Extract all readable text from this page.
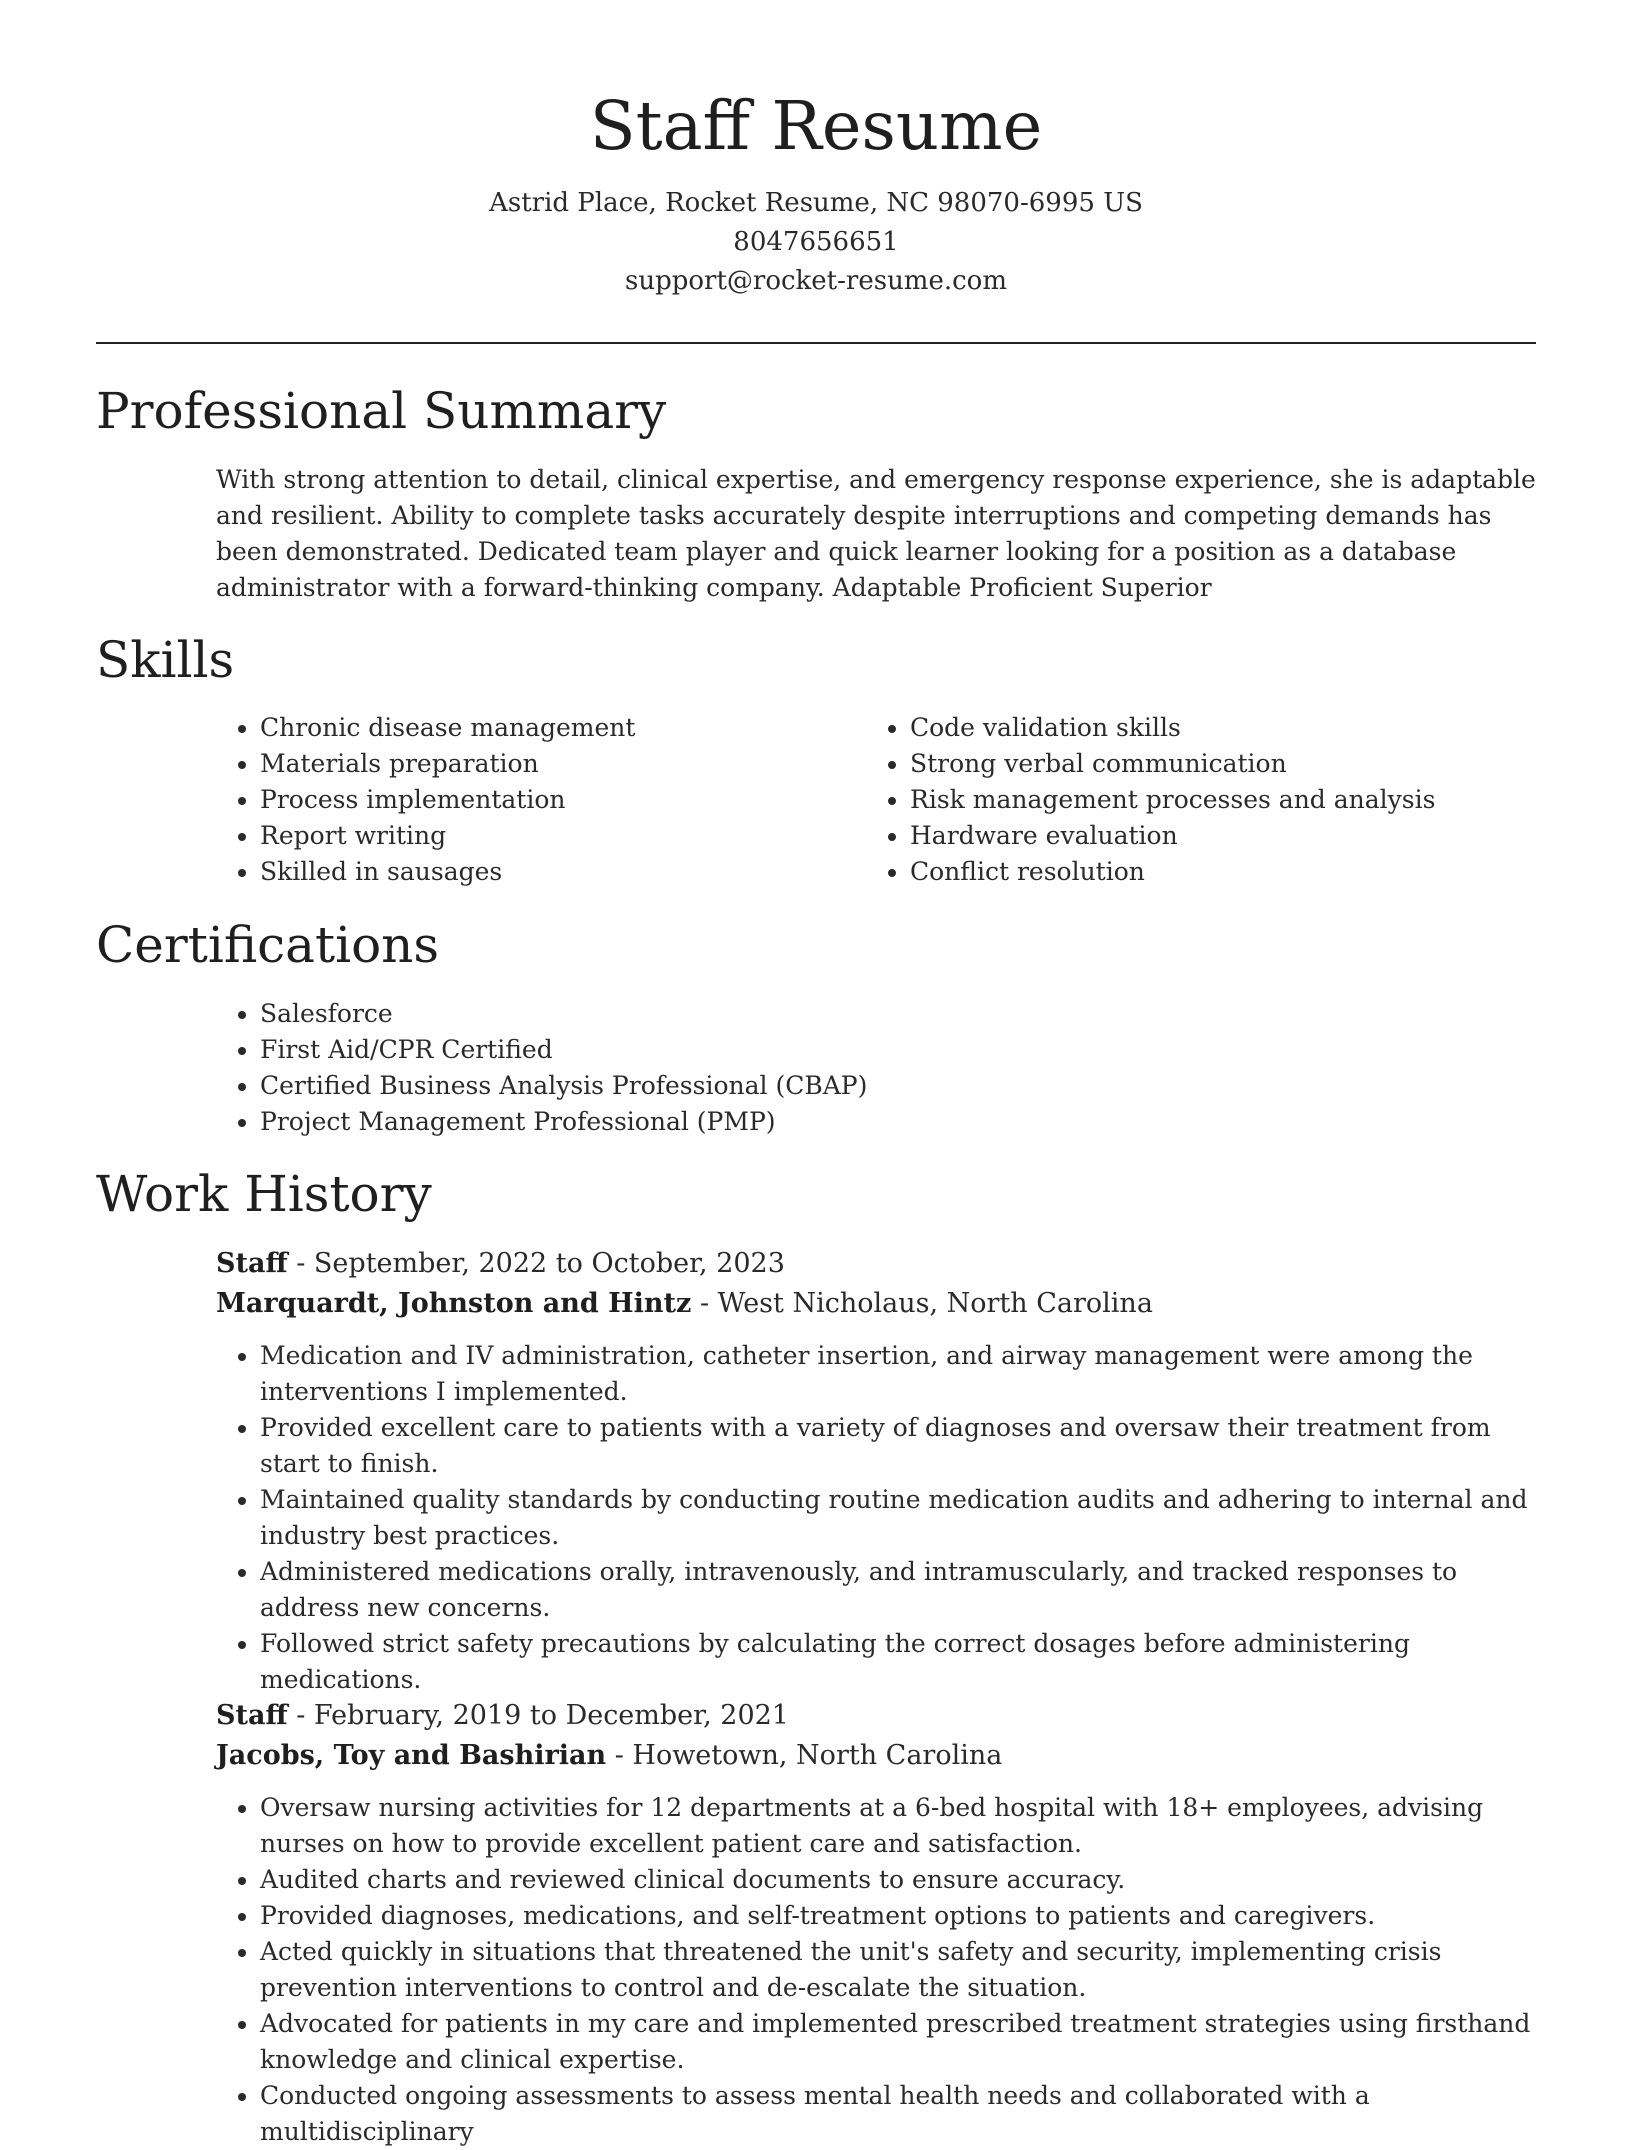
Staff Resume
Astrid Place, Rocket Resume, NC 98070-6995 US
8047656651
support@rocket-resume.com
Professional Summary
With strong attention to detail, clinical expertise, and emergency response experience, she is adaptable and resilient. Ability to complete tasks accurately despite interruptions and competing demands has been demonstrated. Dedicated team player and quick learner looking for a position as a database administrator with a forward-thinking company. Adaptable Proficient Superior
Skills
• Chronic disease management
• Materials preparation
• Process implementation
• Report writing
• Skilled in sausages
• Code validation skills
• Strong verbal communication
• Risk management processes and analysis
• Hardware evaluation
• Conflict resolution
Certifications
• Salesforce
• First Aid/CPR Certified
• Certified Business Analysis Professional (CBAP)
• Project Management Professional (PMP)
Work History
Staff - September, 2022 to October, 2023
Marquardt, Johnston and Hintz - West Nicholaus, North Carolina
• Medication and IV administration, catheter insertion, and airway management were among the interventions I implemented.
• Provided excellent care to patients with a variety of diagnoses and oversaw their treatment from start to finish.
• Maintained quality standards by conducting routine medication audits and adhering to internal and industry best practices.
• Administered medications orally, intravenously, and intramuscularly, and tracked responses to address new concerns.
• Followed strict safety precautions by calculating the correct dosages before administering medications.
Staff - February, 2019 to December, 2021
Jacobs, Toy and Bashirian - Howetown, North Carolina
• Oversaw nursing activities for 12 departments at a 6-bed hospital with 18+ employees, advising nurses on how to provide excellent patient care and satisfaction.
• Audited charts and reviewed clinical documents to ensure accuracy.
• Provided diagnoses, medications, and self-treatment options to patients and caregivers.
• Acted quickly in situations that threatened the unit's safety and security, implementing crisis prevention interventions to control and de-escalate the situation.
• Advocated for patients in my care and implemented prescribed treatment strategies using firsthand knowledge and clinical expertise.
• Conducted ongoing assessments to assess mental health needs and collaborated with a multidisciplinary
